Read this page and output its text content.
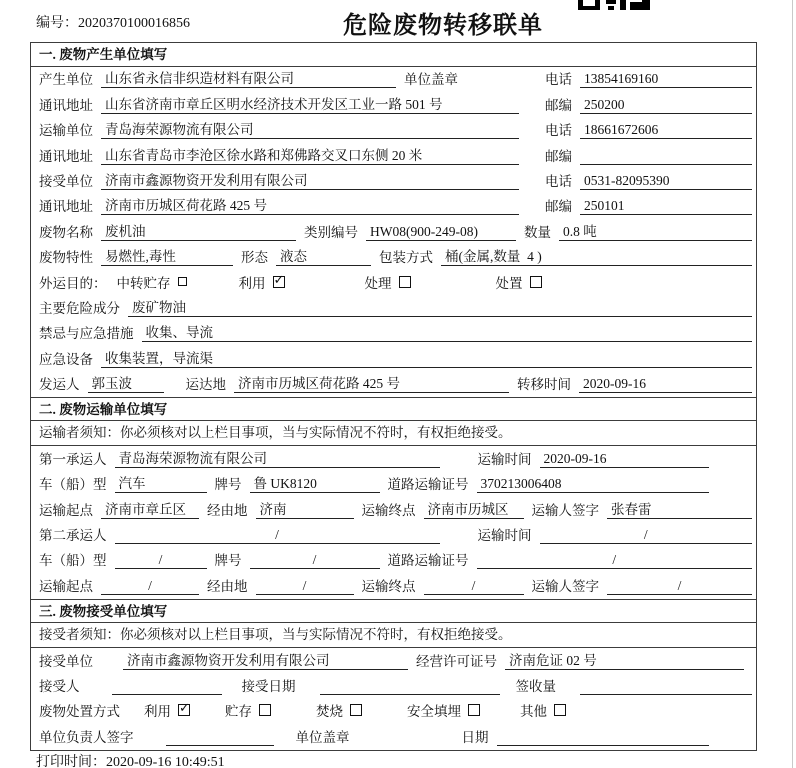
编号：2020370100016856	危险废物转移联单
一. 废物产生单位填写
产生单位 山东省永信非织造材料有限公司	单位盖章	电话 13854169160
通讯地址 山东省济南市章丘区明水经济技术开发区工业一路 501 号	邮编 250200
运输单位 青岛海荣源物流有限公司	电话 18661672606
通讯地址 山东省青岛市李沧区徐水路和郑佛路交叉口东侧 20 米	邮编
接受单位 济南市鑫源物资开发利用有限公司	电话 0531-82095390
通讯地址 济南市历城区荷花路 425 号	邮编 250101
废物名称 废机油	类别编号 HW08(900-249-08)	数量 0.8 吨
废物特性 易燃性,毒性	形态 液态	包装方式 桶(金属,数量  4 )
外运目的： 中转贮存	利用 ✓	处理	处置
主要危险成分 废矿物油
禁忌与应急措施 收集、导流
应急设备 收集装置，导流渠
发运人 郭玉波	运达地 济南市历城区荷花路 425 号	转移时间 2020-09-16
二. 废物运输单位填写
运输者须知：你必须核对以上栏目事项，当与实际情况不符时，有权拒绝接受。
第一承运人 青岛海荣源物流有限公司	运输时间 2020-09-16
车（船）型 汽车	牌号 鲁 UK8120	道路运输证号 370213006408
运输起点 济南市章丘区	经由地 济南	运输终点 济南市历城区	运输人签字 张春雷
第二承运人	/	运输时间	/
车（船）型	/	牌号	/	道路运输证号	/
运输起点	/	经由地	/	运输终点	/	运输人签字	/
三. 废物接受单位填写
接受者须知：你必须核对以上栏目事项，当与实际情况不符时，有权拒绝接受。
接受单位	济南市鑫源物资开发利用有限公司	经营许可证号 济南危证 02 号
接受人	接受日期	签收量
废物处置方式 利用 ✓	贮存	焚烧	安全填埋	其他
单位负责人签字	单位盖章	日期
打印时间：2020-09-16 10:49:51
